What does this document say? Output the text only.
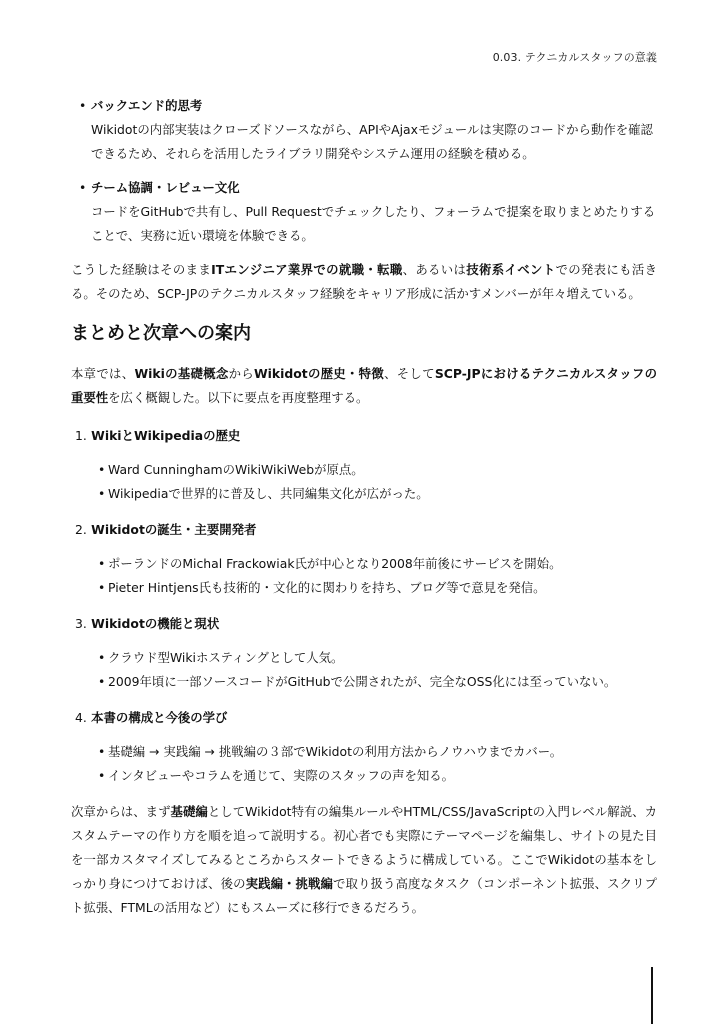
0.03. テクニカルスタッフの意義
• バックエンド的思考
Wikidotの内部実装はクローズドソースながら、APIやAjaxモジュールは実際のコードから動作を確認できるため、それらを活用したライブラリ開発やシステム運用の経験を積める。
• チーム協調・レビュー文化
コードをGitHubで共有し、Pull Requestでチェックしたり、フォーラムで提案を取りまとめたりすることで、実務に近い環境を体験できる。

こうした経験はそのままITエンジニア業界での就職・転職、あるいは技術系イベントでの発表にも活きる。そのため、SCP-JPのテクニカルスタッフ経験をキャリア形成に活かすメンバーが年々増えている。

まとめと次章への案内

本章では、Wikiの基礎概念からWikidotの歴史・特徴、そしてSCP-JPにおけるテクニカルスタッフの重要性を広く概観した。以下に要点を再度整理する。

1. WikiとWikipediaの歴史
• Ward CunninghamのWikiWikiWebが原点。
• Wikipediaで世界的に普及し、共同編集文化が広がった。
2. Wikidotの誕生・主要開発者
• ポーランドのMichal Frackowiak氏が中心となり2008年前後にサービスを開始。
• Pieter Hintjens氏も技術的・文化的に関わりを持ち、ブログ等で意見を発信。
3. Wikidotの機能と現状
• クラウド型Wikiホスティングとして人気。
• 2009年頃に一部ソースコードがGitHubで公開されたが、完全なOSS化には至っていない。
4. 本書の構成と今後の学び
• 基礎編 → 実践編 → 挑戦編の３部でWikidotの利用方法からノウハウまでカバー。
• インタビューやコラムを通じて、実際のスタッフの声を知る。

次章からは、まず基礎編としてWikidot特有の編集ルールやHTML/CSS/JavaScriptの入門レベル解説、カスタムテーマの作り方を順を追って説明する。初心者でも実際にテーマページを編集し、サイトの見た目を一部カスタマイズしてみるところからスタートできるように構成している。ここでWikidotの基本をしっかり身につけておけば、後の実践編・挑戦編で取り扱う高度なタスク（コンポーネント拡張、スクリプト拡張、FTMLの活用など）にもスムーズに移行できるだろう。
